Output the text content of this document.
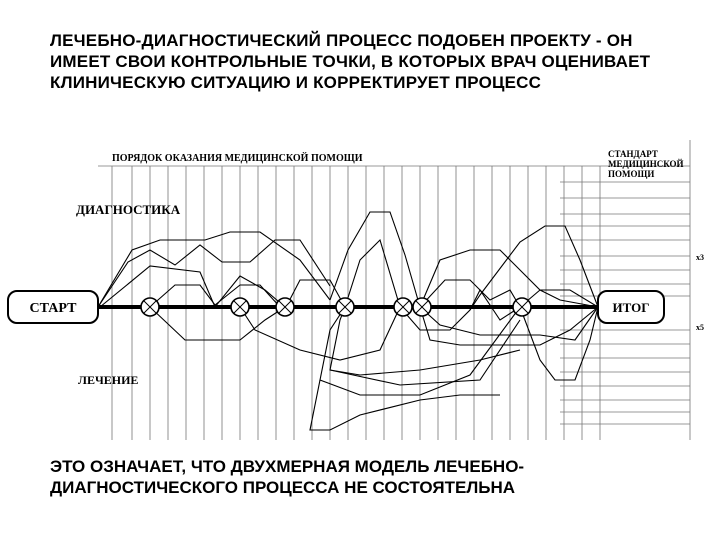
ЛЕЧЕБНО-ДИАГНОСТИЧЕСКИЙ ПРОЦЕСС ПОДОБЕН ПРОЕКТУ - ОН
ИМЕЕТ СВОИ КОНТРОЛЬНЫЕ ТОЧКИ, В КОТОРЫХ ВРАЧ ОЦЕНИВАЕТ
КЛИНИЧЕСКУЮ СИТУАЦИЮ И КОРРЕКТИРУЕТ ПРОЦЕСС
СТАРТ	ИТОГ
ПОРЯДОК ОКАЗАНИЯ МЕДИЦИНСКОЙ ПОМОЩИ	СТАНДАРТ
МЕДИЦИНСКОЙ
ПОМОЩИ
ДИАГНОСТИКА
ЛЕЧЕНИЕ
х3
х5
ЭТО ОЗНАЧАЕТ, ЧТО ДВУХМЕРНАЯ МОДЕЛЬ ЛЕЧЕБНО-
ДИАГНОСТИЧЕСКОГО ПРОЦЕССА НЕ СОСТОЯТЕЛЬНА
